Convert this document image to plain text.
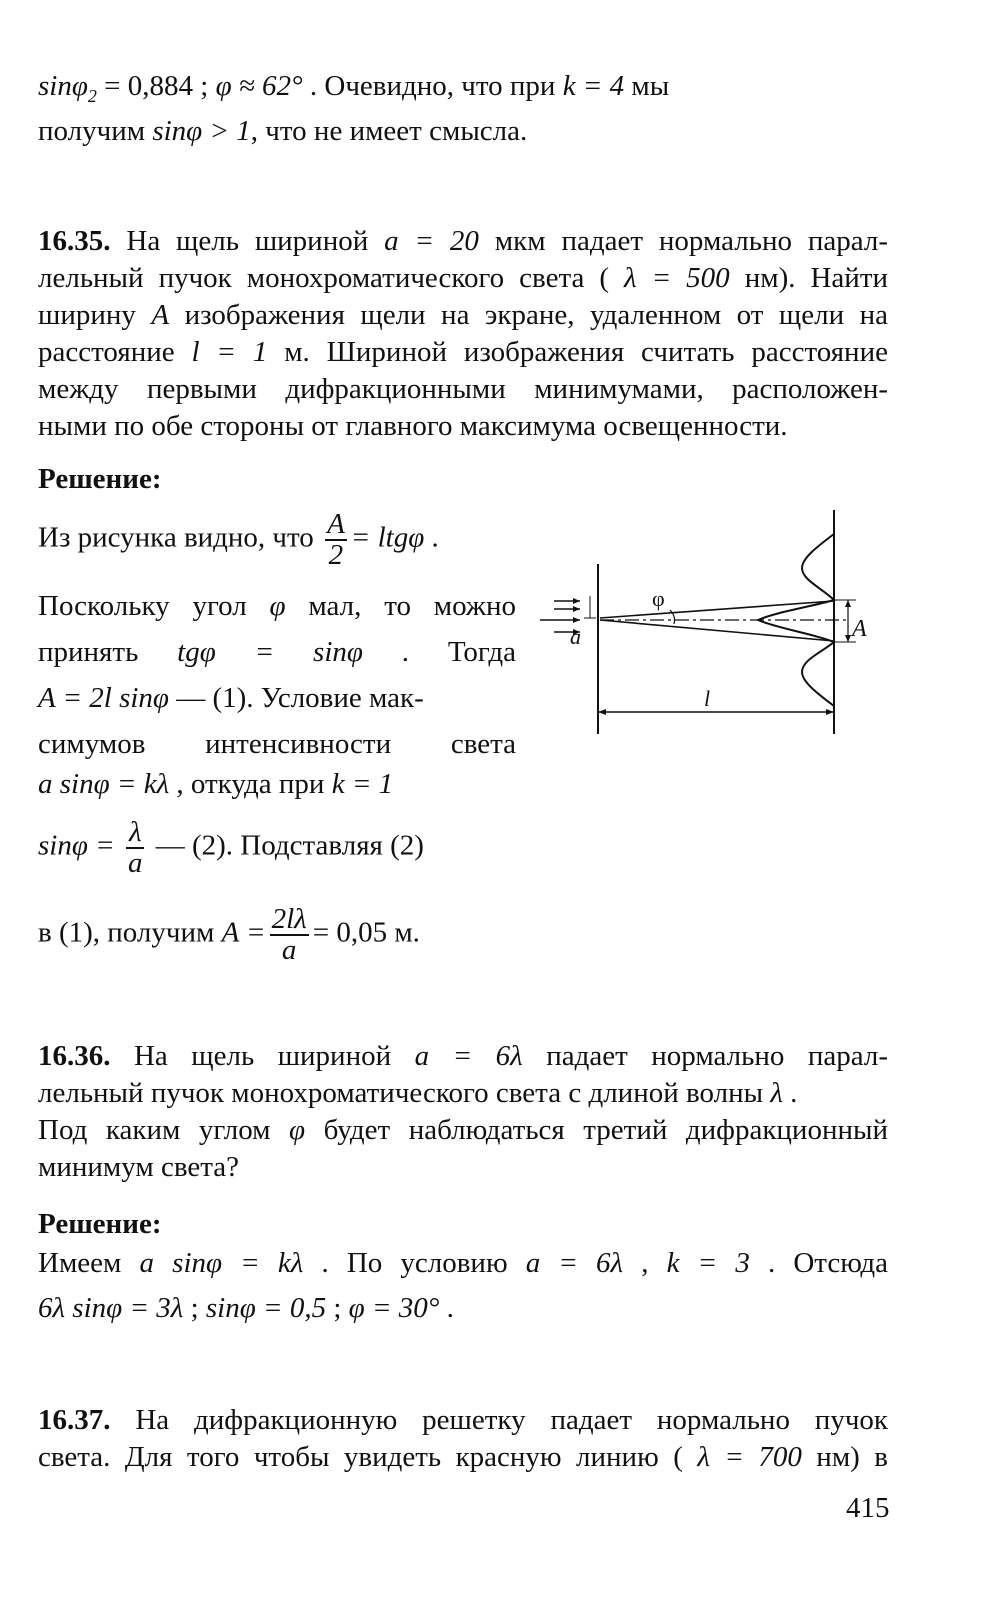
sinφ$_2$ = 0,884 ; φ ≈ 62° . Очевидно, что при k = 4 мы
получим sinφ > 1, что не имеет смысла.
16.35. На щель шириной a = 20 мкм падает нормально парал-
лельный пучок монохроматического света ( λ = 500 нм). Найти
ширину A изображения щели на экране, удаленном от щели на
расстояние l = 1 м. Шириной изображения считать расстояние
между первыми дифракционными минимумами, расположен-
ными по обе стороны от главного максимума освещенности.
Решение:
Из рисунка видно, что $\frac{A}{2} = ltg\varphi$ .
Поскольку угол φ мал, то можно
принять tgφ = sinφ . Тогда
A = 2l sinφ — (1). Условие мак-
симумов интенсивности света
a sinφ = kλ , откуда при k = 1
$\sin\varphi = \frac{\lambda}{a}$ — (2). Подставляя (2)
в (1), получим $A = \frac{2l\lambda}{a} = 0,05$ м.
φ
A
a
l
16.36. На щель шириной a = 6λ падает нормально парал-
лельный пучок монохроматического света с длиной волны λ .
Под каким углом φ будет наблюдаться третий дифракционный
минимум света?
Решение:
Имеем a sinφ = kλ . По условию a = 6λ , k = 3 . Отсюда
6λ sinφ = 3λ ; sinφ = 0,5 ; φ = 30° .
16.37. На дифракционную решетку падает нормально пучок
света. Для того чтобы увидеть красную линию ( λ = 700 нм) в
415
